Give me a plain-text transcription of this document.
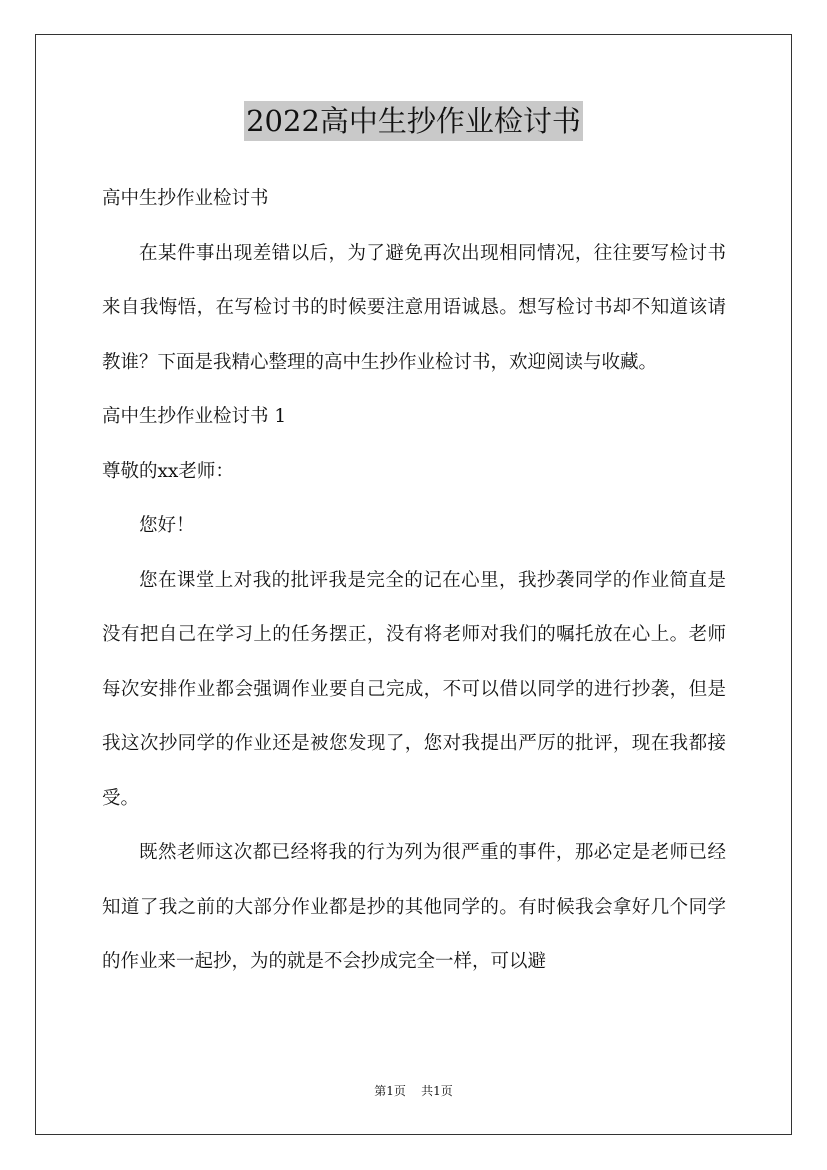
2022高中生抄作业检讨书

高中生抄作业检讨书

在某件事出现差错以后，为了避免再次出现相同情况，往往要写检讨书来自我悔悟，在写检讨书的时候要注意用语诚恳。想写检讨书却不知道该请教谁？下面是我精心整理的高中生抄作业检讨书，欢迎阅读与收藏。

高中生抄作业检讨书 1

尊敬的xx老师：

您好！

您在课堂上对我的批评我是完全的记在心里，我抄袭同学的作业简直是没有把自己在学习上的任务摆正，没有将老师对我们的嘱托放在心上。老师每次安排作业都会强调作业要自己完成，不可以借以同学的进行抄袭，但是我这次抄同学的作业还是被您发现了，您对我提出严厉的批评，现在我都接受。

既然老师这次都已经将我的行为列为很严重的事件，那必定是老师已经知道了我之前的大部分作业都是抄的其他同学的。有时候我会拿好几个同学的作业来一起抄，为的就是不会抄成完全一样，可以避

第1页 共1页
